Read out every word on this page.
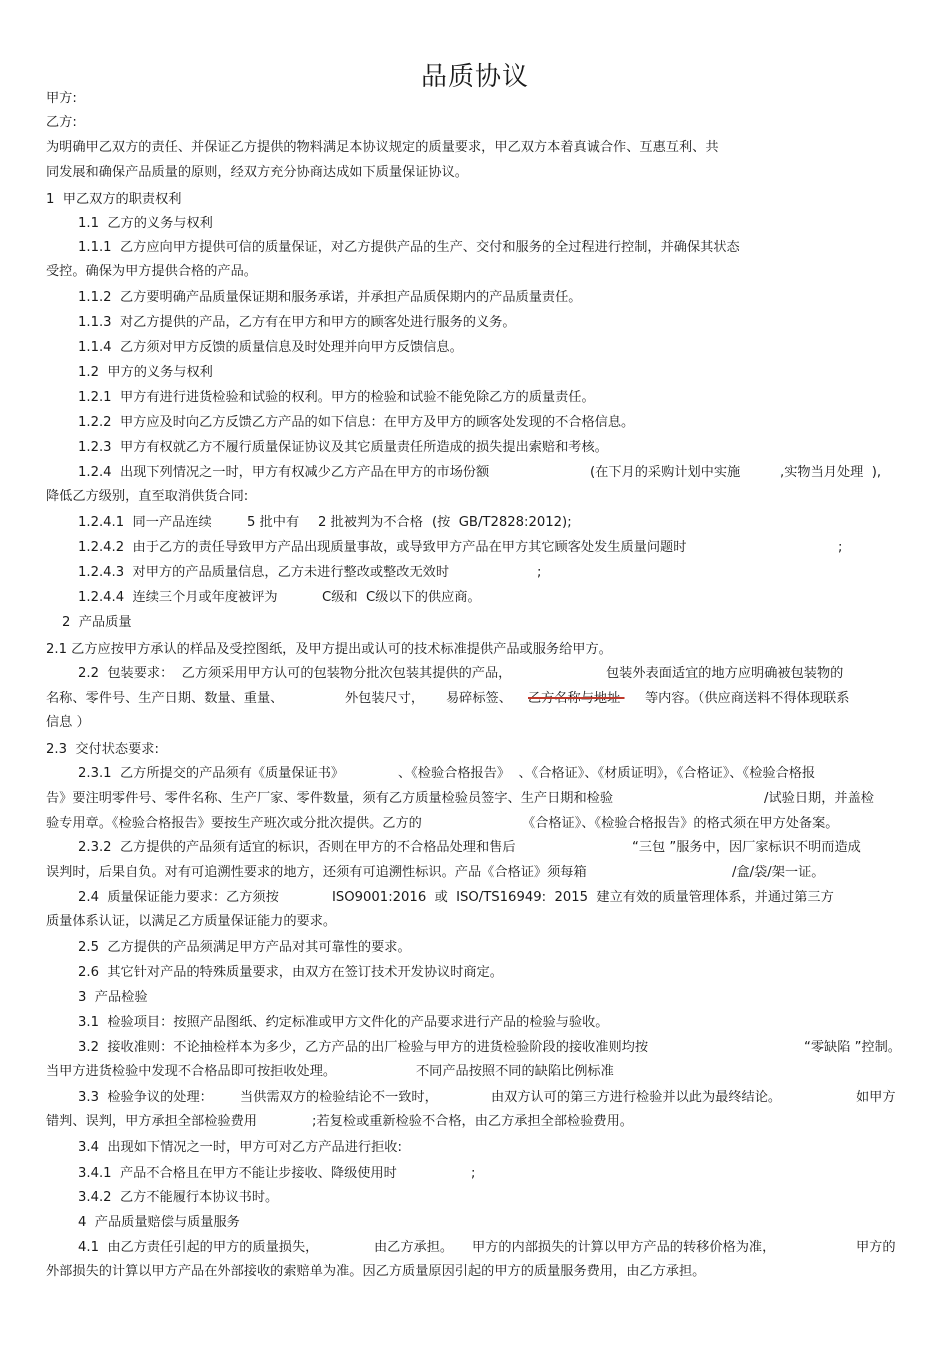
品质协议
甲方:
乙方:
为明确甲乙双方的责任、并保证乙方提供的物料满足本协议规定的质量要求，甲乙双方本着真诚合作、互惠互利、共
同发展和确保产品质量的原则，经双方充分协商达成如下质量保证协议。
1  甲乙双方的职责权利
1.1  乙方的义务与权利
1.1.1  乙方应向甲方提供可信的质量保证，对乙方提供产品的生产、交付和服务的全过程进行控制，并确保其状态
受控。确保为甲方提供合格的产品。
1.1.2  乙方要明确产品质量保证期和服务承诺，并承担产品质保期内的产品质量责任。
1.1.3  对乙方提供的产品，乙方有在甲方和甲方的顾客处进行服务的义务。
1.1.4  乙方须对甲方反馈的质量信息及时处理并向甲方反馈信息。
1.2  甲方的义务与权利
1.2.1  甲方有进行进货检验和试验的权利。甲方的检验和试验不能免除乙方的质量责任。
1.2.2  甲方应及时向乙方反馈乙方产品的如下信息：在甲方及甲方的顾客处发现的不合格信息。
1.2.3  甲方有权就乙方不履行质量保证协议及其它质量责任所造成的损失提出索赔和考核。
1.2.4  出现下列情况之一时，甲方有权减少乙方产品在甲方的市场份额	(在下月的采购计划中实施	,实物当月处理  ),
降低乙方级别，直至取消供货合同:
1.2.4.1  同一产品连续	5 批中有 2 批被判为不合格 (按  GB/T2828:2012);
1.2.4.2  由于乙方的责任导致甲方产品出现质量事故，或导致甲方产品在甲方其它顾客处发生质量问题时	;
1.2.4.3  对甲方的产品质量信息，乙方未进行整改或整改无效时	;
1.2.4.4  连续三个月或年度被评为	C级和  C级以下的供应商。
2  产品质量
2.1 乙方应按甲方承认的样品及受控图纸，及甲方提出或认可的技术标准提供产品或服务给甲方。
2.2  包装要求：  乙方须采用甲方认可的包装物分批次包装其提供的产品，	包装外表面适宜的地方应明确被包装物的
名称、零件号、生产日期、数量、重量、	外包装尺寸， 易碎标签、 乙方名称与地址 等内容。（供应商送料不得体现联系
信息 ）
2.3  交付状态要求:
2.3.1  乙方所提交的产品须有《质量保证书》	、《检验合格报告》  、《合格证》、《材质证明》，《合格证》、《检验合格报
告》要注明零件号、零件名称、生产厂家、零件数量，须有乙方质量检验员签字、生产日期和检验	/试验日期，并盖检
验专用章。《检验合格报告》要按生产班次或分批次提供。乙方的	《合格证》、《检验合格报告》的格式须在甲方处备案。
2.3.2  乙方提供的产品须有适宜的标识，否则在甲方的不合格品处理和售后	“三包 ”服务中，因厂家标识不明而造成
误判时，后果自负。对有可追溯性要求的地方，还须有可追溯性标识。产品《合格证》须每箱	/盒/袋/架一证。
2.4  质量保证能力要求：乙方须按	ISO9001:2016  或  ISO/TS16949:  2015  建立有效的质量管理体系，并通过第三方
质量体系认证，以满足乙方质量保证能力的要求。
2.5  乙方提供的产品须满足甲方产品对其可靠性的要求。
2.6  其它针对产品的特殊质量要求，由双方在签订技术开发协议时商定。
3  产品检验
3.1  检验项目：按照产品图纸、约定标准或甲方文件化的产品要求进行产品的检验与验收。
3.2  接收准则：不论抽检样本为多少，乙方产品的出厂检验与甲方的进货检验阶段的接收准则均按	“零缺陷 ”控制。
当甲方进货检验中发现不合格品即可按拒收处理。	不同产品按照不同的缺陷比例标准
3.3  检验争议的处理： 当供需双方的检验结论不一致时，	由双方认可的第三方进行检验并以此为最终结论。	如甲方
错判、误判，甲方承担全部检验费用	;若复检或重新检验不合格，由乙方承担全部检验费用。
3.4  出现如下情况之一时，甲方可对乙方产品进行拒收:
3.4.1  产品不合格且在甲方不能让步接收、降级使用时	;
3.4.2  乙方不能履行本协议书时。
4  产品质量赔偿与质量服务
4.1  由乙方责任引起的甲方的质量损失，	由乙方承担。 甲方的内部损失的计算以甲方产品的转移价格为准，	甲方的
外部损失的计算以甲方产品在外部接收的索赔单为准。因乙方质量原因引起的甲方的质量服务费用，由乙方承担。
